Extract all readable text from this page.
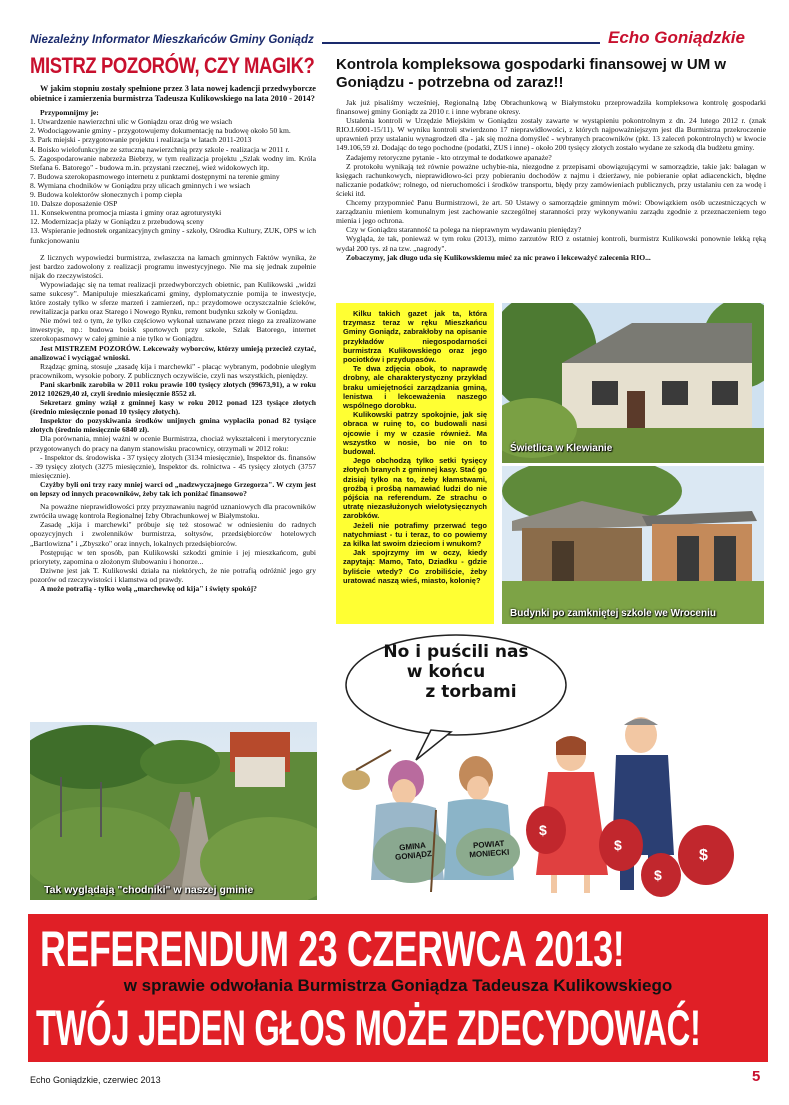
Niezależny Informator Mieszkańców Gminy Goniądz	Echo Goniądzkie
MISTRZ POZORÓW, CZY MAGIK?

W jakim stopniu zostały spełnione przez 3 lata nowej kadencji przedwyborcze obietnice i zamierzenia burmistrza Tadeusza Kulikowskiego na lata 2010 - 2014?

Przypomnijmy je:

1. Utwardzenie nawierzchni ulic w Goniądzu oraz dróg we wsiach
2. Wodociągowanie gminy - przygotowujemy dokumentację na budowę około 50 km.
3. Park miejski - przygotowanie projektu i realizacja w latach 2011-2013
4. Boisko wielofunkcyjne ze sztuczną nawierzchnią przy szkole - realizacja w 2011 r.
5. Zagospodarowanie nabrzeża Biebrzy, w tym realizacja projektu „Szlak wodny im. Króla Stefana 6. Batorego" - budowa m.in. przystani rzecznej, wież widokowych itp.
7. Budowa szerokopasmowego internetu z punktami dostępnymi na terenie gminy
8. Wymiana chodników w Goniądzu przy ulicach gminnych i we wsiach
9. Budowa kolektorów słonecznych i pomp ciepła
10. Dalsze doposażenie OSP
11. Konsekwentna promocja miasta i gminy oraz agroturystyki
12. Modernizacja plaży w Goniądzu z przebudową sceny
13. Wspieranie jednostek organizacyjnych gminy - szkoły, Ośrodka Kultury, ZUK, OPS w ich funkcjonowaniu

Z licznych wypowiedzi burmistrza, zwłaszcza na łamach gminnych Faktów wynika, że jest bardzo zadowolony z realizacji programu inwestycyjnego. Nie ma się jednak zupełnie nijak do rzeczywistości.

Wypowiadając się na temat realizacji przedwyborczych obietnic, pan Kulikowski „widzi same sukcesy". Manipuluje mieszkańcami gminy, dyplomatycznie pomija te inwestycje, które zostały tylko w sferze marzeń i zamierzeń, np.: przydomowe oczyszczalnie ścieków, rewitalizacja parku oraz Starego i Nowego Rynku, remont budynku szkoły w Goniądzu.

Nie mówi też o tym, że tylko częściowo wykonał uznawane przez niego za zrealizowane inwestycje, np.: budowa boisk sportowych przy szkole, Szlak Batorego, internet szerokopasmowy w całej gminie a nie tylko w Goniądzu.

Jest MISTRZEM POZORÓW. Lekceważy wyborców, którzy umieją przecież czytać, analizować i wyciągać wnioski.

Rządząc gminą, stosuje „zasadę kija i marchewki" - płacąc wybranym, podobnie uległym pracownikom, wysokie pobory. Z publicznych oczywiście, czyli nas wszystkich, pieniędzy.

Pani skarbnik zarobiła w 2011 roku prawie 100 tysięcy złotych (99673,91), a w roku 2012 102629,40 zł, czyli średnio miesięcznie 8552 zł.

Sekretarz gminy wziął z gminnej kasy w roku 2012 ponad 123 tysiące złotych (średnio miesięcznie ponad 10 tysięcy złotych).

Inspektor do pozyskiwania środków unijnych gmina wypłaciła ponad 82 tysiące złotych (średnio miesięcznie 6840 zł).

Dla porównania, mniej ważni w ocenie Burmistrza, chociaż wykształceni i merytorycznie przygotowanych do pracy na danym stanowisku pracownicy, otrzymali w 2012 roku:

- Inspektor ds. środowiska - 37 tysięcy złotych (3134 miesięcznie), Inspektor ds. finansów - 39 tysięcy złotych (3275 miesięcznie), Inspektor ds. rolnictwa - 45 tysięcy złotych (3757 miesięcznie).

Czyżby byli oni trzy razy mniej warci od „nadzwyczajnego Grzegorza". W czym jest on lepszy od innych pracowników, żeby tak ich poniżać finansowo?

Na poważne nieprawidłowości przy przyznawaniu nagród uznaniowych dla pracowników zwróciła uwagę kontrola Regionalnej Izby Obrachunkowej w Białymstoku.

Zasadę „kija i marchewki" próbuje się też stosować w odniesieniu do radnych opozycyjnych i zwolenników burmistrza, sołtysów, przedsiębiorców hotelowych „Bartlowizna" i „Zbyszko" oraz innych, lokalnych przedsiębiorców.

Postępując w ten sposób, pan Kulikowski szkodzi gminie i jej mieszkańcom, gubi priorytety, zapomina o złożonym ślubowaniu i honorze...

Dziwne jest jak T. Kulikowski działa na niektórych, że nie potrafią odróżnić jego gry pozorów od rzeczywistości i klamstwa od prawdy.

A może potrafią - tylko wolą „marchewkę od kija" i święty spokój?

Tak wyglądają "chodniki" w naszej gminie
Kontrola kompleksowa gospodarki finansowej w UM w Goniądzu - potrzebna od zaraz!!

Jak już pisaliśmy wcześniej, Regionalną Izbę Obrachunkową w Białymstoku przeprowadziła kompleksowa kontrolę gospodarki finansowej gminy Goniądz za 2010 r. i inne wybrane okresy.

Ustalenia kontroli w Urzędzie Miejskim w Goniądzu zostały zawarte w wystąpieniu pokontrolnym z dn. 24 lutego 2012 r. (znak RIO.I.6001-15/11). W wyniku kontroli stwierdzono 17 nieprawidłowości, z których najpoważniejszym jest dla Burmistrza przekroczenie uprawnień przy ustalaniu wynagrodzeń dla - jak się można domyśleć - wybranych pracowników (pkt. 13 zaleceń pokontrolnych) w kwocie 149.106,59 zł. Dodając do tego pochodne (podatki, ZUS i inne) - około 200 tysięcy złotych zostało wydane ze szkodą dla budżetu gminy.

Zadajemy retoryczne pytanie - kto otrzymał te dodatkowe apanaże?

Z protokołu wynikają też równie poważne uchybie-nia, niezgodne z przepisami obowiązującymi w samorządzie, takie jak: bałagan w księgach rachunkowych, nieprawidłowo-ści przy pobieraniu dochodów z najmu i dzierżawy, nie pobieranie opłat adiacenckich, błędne naliczanie podatków; rolnego, od nieruchomości i środków transportu, błędy przy zamówieniach publicznych, przy ustalaniu cen za wodę i ścieki itd.

Chcemy przypomnieć Panu Burmistrzowi, że art. 50 Ustawy o samorządzie gminnym mówi: Obowiązkiem osób uczestniczących w zarządzaniu mieniem komunalnym jest zachowanie szczególnej staranności przy wykonywaniu zarządu zgodnie z przeznaczeniem tego mienia i jego ochrona.

Czy w Goniądzu staranność ta polega na nieprawnym wydawaniu pieniędzy?

Wygląda, że tak, ponieważ w tym roku (2013), mimo zarzutów RIO z ostatniej kontroli, burmistrz Kulikowski ponownie lekką ręką wydał 200 tys. zł na tzw. „nagrody".

Zobaczymy, jak długo uda się Kulikowskiemu mieć za nic prawo i lekceważyć zalecenia RIO...

Kilku takich gazet jak ta, która trzymasz teraz w ręku Mieszkańcu Gminy Goniądz, zabrakłoby na opisanie przykładów niegospodarności burmistrza Kulikowskiego oraz jego pociotków i przydupasów.

Te dwa zdjęcia obok, to naprawdę drobny, ale charakterystyczny przykład braku umiejętności zarządzania gminą, lenistwa i lekceważenia naszego wspólnego dorobku.

Kulikowski patrzy spokojnie, jak się obraca w ruinę to, co budowali nasi ojcowie i my w czasie również. Ma wszystko w nosie, bo nie on to budował.

Jego obchodzą tylko setki tysięcy złotych branych z gminnej kasy. Stać go dzisiaj tylko na to, żeby kłamstwami, groźbą i prośbą namawiać ludzi do nie pójścia na referendum. Ze strachu o utratę niezasłużonych wielotysięcznych zarobków.

Jeżeli nie potrafimy przerwać tego natychmiast - tu i teraz, to co powiemy za kilka lat swoim dzieciom i wnukom?

Jak spojrzymy im w oczy, kiedy zapytają: Mamo, Tato, Dziadku - gdzie byliście wtedy? Co zrobiliście, żeby uratować naszą wieś, miasto, kolonię?

Świetlica w Klewianie
Budynki po zamkniętej szkole we Wroceniu
$
$
$
$
No i puścili nas
w końcu
z torbami
GMINA
GONIĄDZ
POWIAT
MONIECKI
REFERENDUM 23 CZERWCA 2013!
w sprawie odwołania Burmistrza Goniądza Tadeusza Kulikowskiego
TWÓJ JEDEN GŁOS MOŻE ZDECYDOWAĆ!
Echo Goniądzkie, czerwiec 2013	5
